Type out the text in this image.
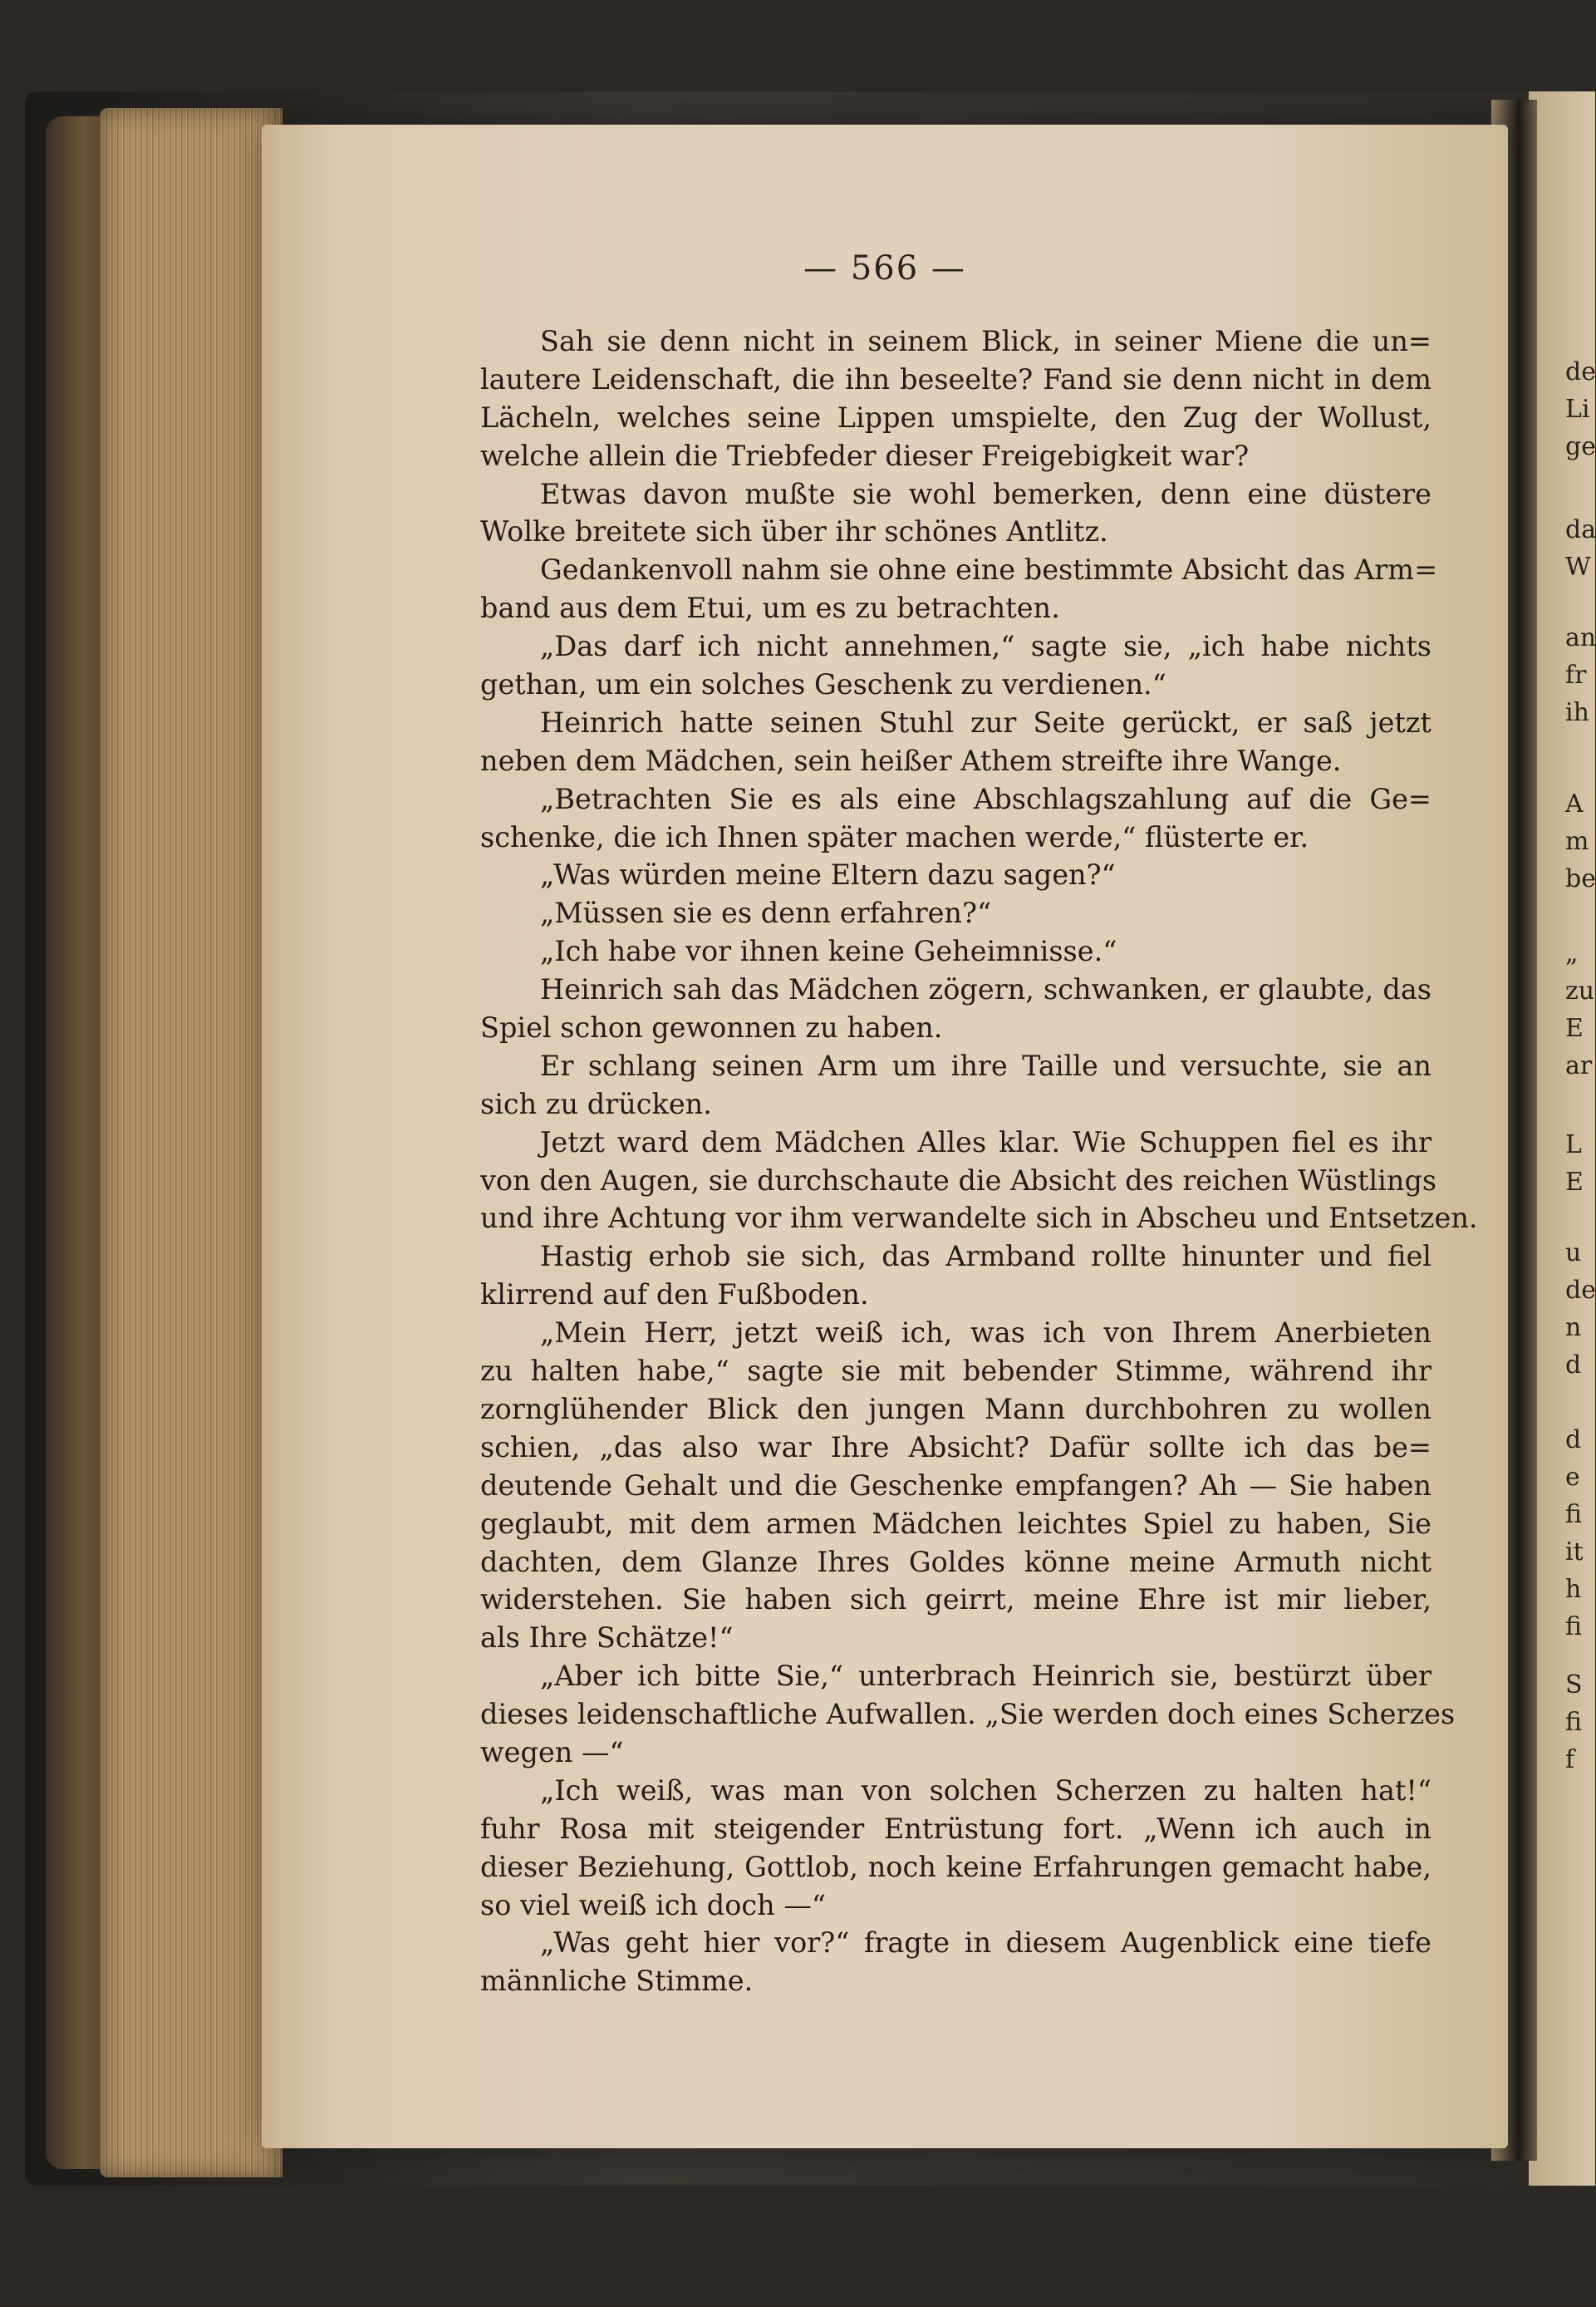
— 566 —
Sah sie denn nicht in seinem Blick, in seiner Miene die un=
lautere Leidenschaft, die ihn beseelte? Fand sie denn nicht in dem
Lächeln, welches seine Lippen umspielte, den Zug der Wollust,
welche allein die Triebfeder dieser Freigebigkeit war?
Etwas davon mußte sie wohl bemerken, denn eine düstere
Wolke breitete sich über ihr schönes Antlitz.
Gedankenvoll nahm sie ohne eine bestimmte Absicht das Arm=
band aus dem Etui, um es zu betrachten.
„Das darf ich nicht annehmen,“ sagte sie, „ich habe nichts
gethan, um ein solches Geschenk zu verdienen.“
Heinrich hatte seinen Stuhl zur Seite gerückt, er saß jetzt
neben dem Mädchen, sein heißer Athem streifte ihre Wange.
„Betrachten Sie es als eine Abschlagszahlung auf die Ge=
schenke, die ich Ihnen später machen werde,“ flüsterte er.
„Was würden meine Eltern dazu sagen?“
„Müssen sie es denn erfahren?“
„Ich habe vor ihnen keine Geheimnisse.“
Heinrich sah das Mädchen zögern, schwanken, er glaubte, das
Spiel schon gewonnen zu haben.
Er schlang seinen Arm um ihre Taille und versuchte, sie an
sich zu drücken.
Jetzt ward dem Mädchen Alles klar. Wie Schuppen fiel es ihr
von den Augen, sie durchschaute die Absicht des reichen Wüstlings
und ihre Achtung vor ihm verwandelte sich in Abscheu und Entsetzen.
Hastig erhob sie sich, das Armband rollte hinunter und fiel
klirrend auf den Fußboden.
„Mein Herr, jetzt weiß ich, was ich von Ihrem Anerbieten
zu halten habe,“ sagte sie mit bebender Stimme, während ihr
zornglühender Blick den jungen Mann durchbohren zu wollen
schien, „das also war Ihre Absicht? Dafür sollte ich das be=
deutende Gehalt und die Geschenke empfangen? Ah — Sie haben
geglaubt, mit dem armen Mädchen leichtes Spiel zu haben, Sie
dachten, dem Glanze Ihres Goldes könne meine Armuth nicht
widerstehen. Sie haben sich geirrt, meine Ehre ist mir lieber,
als Ihre Schätze!“
„Aber ich bitte Sie,“ unterbrach Heinrich sie, bestürzt über
dieses leidenschaftliche Aufwallen. „Sie werden doch eines Scherzes
wegen —“
„Ich weiß, was man von solchen Scherzen zu halten hat!“
fuhr Rosa mit steigender Entrüstung fort. „Wenn ich auch in
dieser Beziehung, Gottlob, noch keine Erfahrungen gemacht habe,
so viel weiß ich doch —“
„Was geht hier vor?“ fragte in diesem Augenblick eine tiefe
männliche Stimme.
de
Li
ge
da
W
an
fr
ih
A
m
be
„
zu
E
ar
L
E
u
de
n
d
d
e
fi
it
h
fi
S
fi
f
